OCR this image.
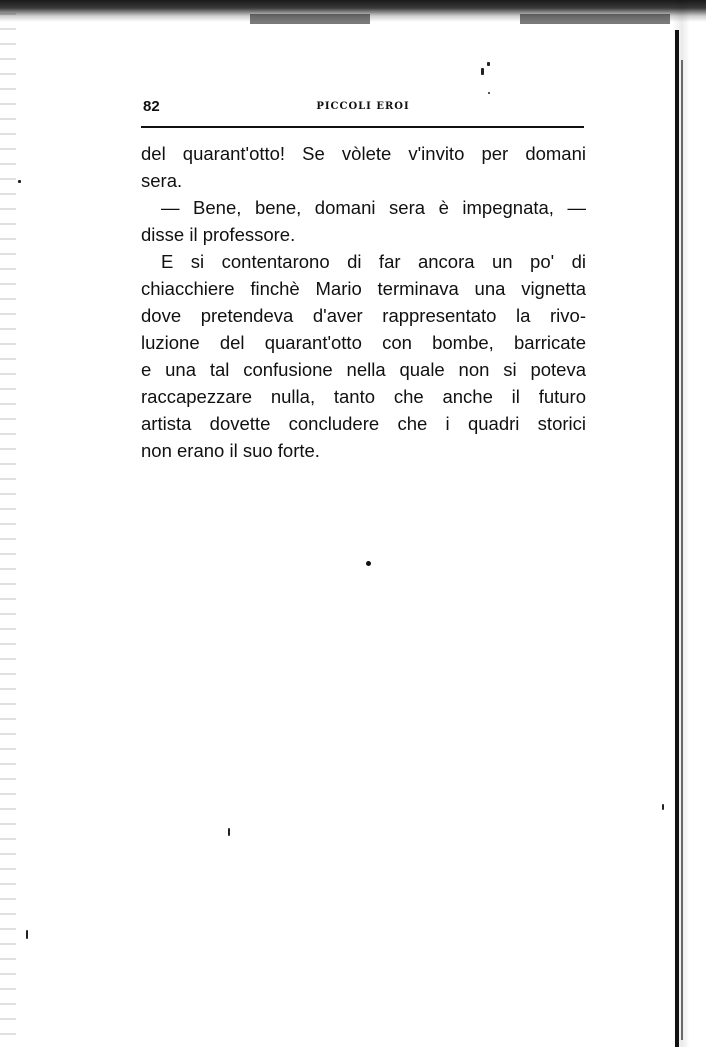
82	PICCOLI EROI
del quarant'otto! Se vòlete v'invito per domani
sera.
— Bene, bene, domani sera è impegnata, —
disse il professore.
E si contentarono di far ancora un po' di
chiacchiere finchè Mario terminava una vignetta
dove pretendeva d'aver rappresentato la rivo-
luzione del quarant'otto con bombe, barricate
e una tal confusione nella quale non si poteva
raccapezzare nulla, tanto che anche il futuro
artista dovette concludere che i quadri storici
non erano il suo forte.
